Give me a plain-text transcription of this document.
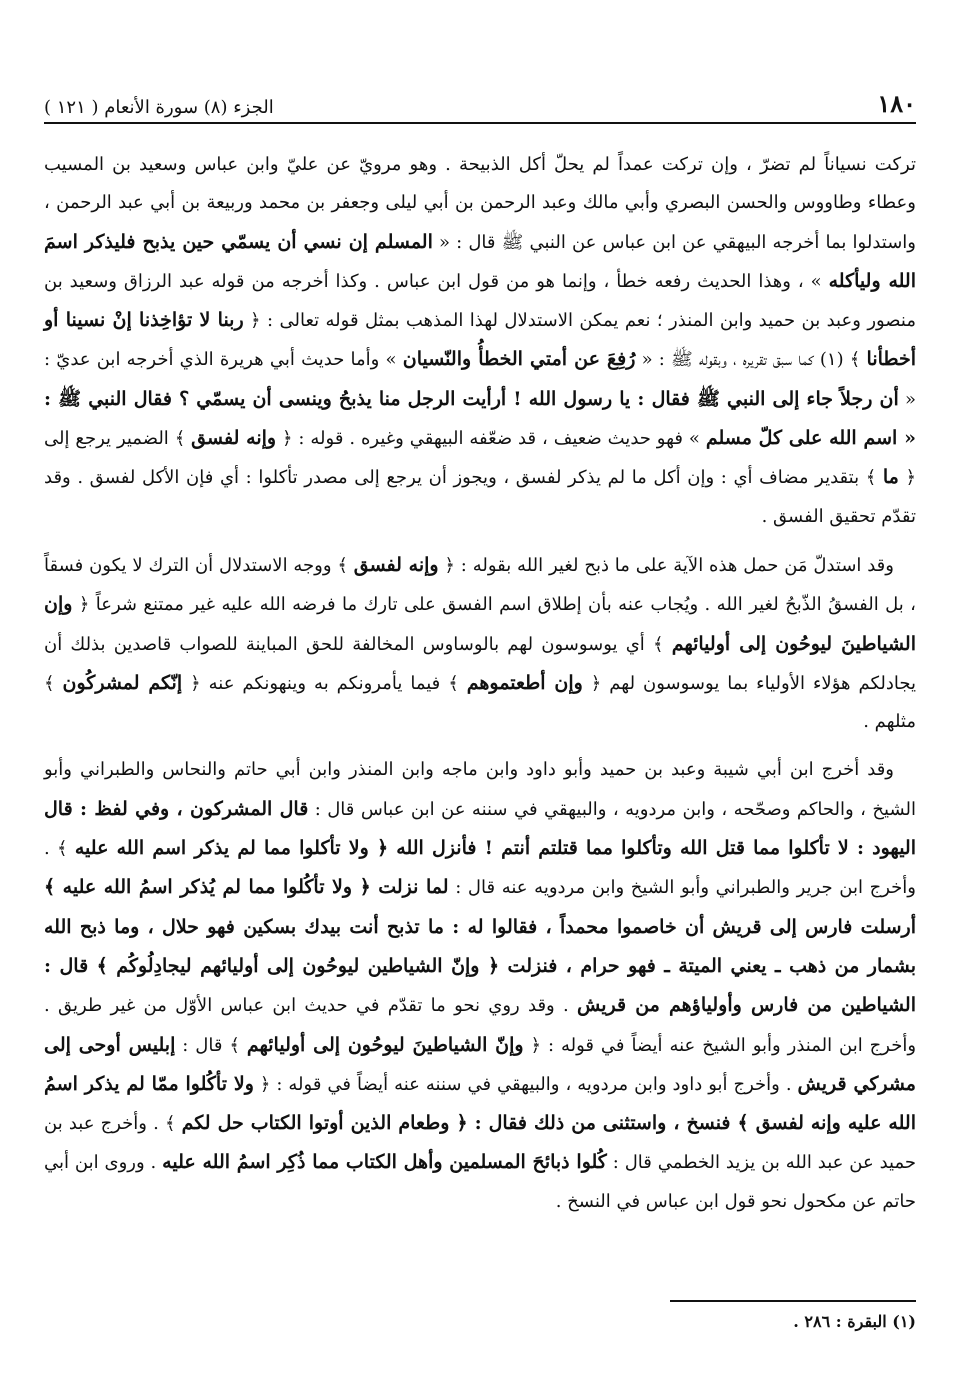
١٨٠
الجزء (٨) سورة الأنعام ( ١٢١ )

تركت نسياناً لم تضرّ ، وإن تركت عمداً لم يحلّ أكل الذبيحة . وهو مرويّ عن عليّ وابن عباس وسعيد بن المسيب وعطاء وطاووس والحسن البصري وأبي مالك وعبد الرحمن بن أبي ليلى وجعفر بن محمد وربيعة بن أبي عبد الرحمن ، واستدلوا بما أخرجه البيهقي عن ابن عباس عن النبي ﷺ قال : « المسلم إن نسي أن يسمّي حين يذبح فليذكر اسمَ الله وليأكله » ، وهذا الحديث رفعه خطأ ، وإنما هو من قول ابن عباس . وكذا أخرجه من قوله عبد الرزاق وسعيد بن منصور وعبد بن حميد وابن المنذر ؛ نعم يمكن الاستدلال لهذا المذهب بمثل قوله تعالى : ﴿ ربنا لا تؤاخِذنا إنْ نسينا أو أخطأنا ﴾ (١) كما سبق تقريره ، وبقوله ﷺ : « رُفِعَ عن أمتي الخطأُ والنّسيان » وأما حديث أبي هريرة الذي أخرجه ابن عديّ : « أن رجلاً جاء إلى النبي ﷺ فقال : يا رسول الله ! أرأيت الرجل منا يذبحُ وينسى أن يسمّي ؟ فقال النبي ﷺ : « اسم الله على كلّ مسلم » فهو حديث ضعيف ، قد ضعّفه البيهقي وغيره . قوله : ﴿ وإنه لفسق ﴾ الضمير يرجع إلى ﴿ ما ﴾ بتقدير مضاف أي : وإن أكل ما لم يذكر لفسق ، ويجوز أن يرجع إلى مصدر تأكلوا : أي فإن الأكل لفسق . وقد تقدّم تحقيق الفسق .

وقد استدلّ مَن حمل هذه الآية على ما ذبح لغير الله بقوله : ﴿ وإنه لفسق ﴾ ووجه الاستدلال أن الترك لا يكون فسقاً ، بل الفسقُ الذّبحُ لغير الله . ويُجاب عنه بأن إطلاق اسم الفسق على تارك ما فرضه الله عليه غير ممتنع شرعاً ﴿ وإن الشياطينَ ليوحُون إلى أوليائهم ﴾ أي يوسوسون لهم بالوساوس المخالفة للحق المباينة للصواب قاصدين بذلك أن يجادلكم هؤلاء الأولياء بما يوسوسون لهم ﴿ وإن أطعتموهم ﴾ فيما يأمرونكم به وينهونكم عنه ﴿ إنّكم لمشركُون ﴾ مثلهم .

وقد أخرج ابن أبي شيبة وعبد بن حميد وأبو داود وابن ماجه وابن المنذر وابن أبي حاتم والنحاس والطبراني وأبو الشيخ ، والحاكم وصحّحه ، وابن مردويه ، والبيهقي في سننه عن ابن عباس قال : قال المشركون ، وفي لفظ : قال اليهود : لا تأكلوا مما قتل الله وتأكلوا مما قتلتم أنتم ! فأنزل الله ﴿ ولا تأكلوا مما لم يذكر اسم الله عليه ﴾ . وأخرج ابن جرير والطبراني وأبو الشيخ وابن مردويه عنه قال : لما نزلت ﴿ ولا تأكُلوا مما لم يُذكر اسمُ الله عليه ﴾ أرسلت فارس إلى قريش أن خاصموا محمداً ، فقالوا له : ما تذبح أنت بيدك بسكين فهو حلال ، وما ذبح الله بشمار من ذهب ـ يعني الميتة ـ فهو حرام ، فنزلت ﴿ وإنّ الشياطين ليوحُون إلى أوليائهم ليجادِلُوكُم ﴾ قال : الشياطين من فارس وأولياؤهم من قريش . وقد روي نحو ما تقدّم في حديث ابن عباس الأوّل من غير طريق . وأخرج ابن المنذر وأبو الشيخ عنه أيضاً في قوله : ﴿ وإنّ الشياطينَ ليوحُون إلى أوليائهم ﴾ قال : إبليس أوحى إلى مشركي قريش . وأخرج أبو داود وابن مردويه ، والبيهقي في سننه عنه أيضاً في قوله : ﴿ ولا تأكُلوا ممّا لم يذكر اسمُ الله عليه وإنه لفسق ﴾ فنسخ ، واستثنى من ذلك فقال : ﴿ وطعام الذين أوتوا الكتاب حل لكم ﴾ . وأخرج عبد بن حميد عن عبد الله بن يزيد الخطمي قال : كُلوا ذبائحَ المسلمين وأهل الكتاب مما ذُكِر اسمُ الله عليه . وروى ابن أبي حاتم عن مكحول نحو قول ابن عباس في النسخ .

(١) البقرة : ٢٨٦ .
